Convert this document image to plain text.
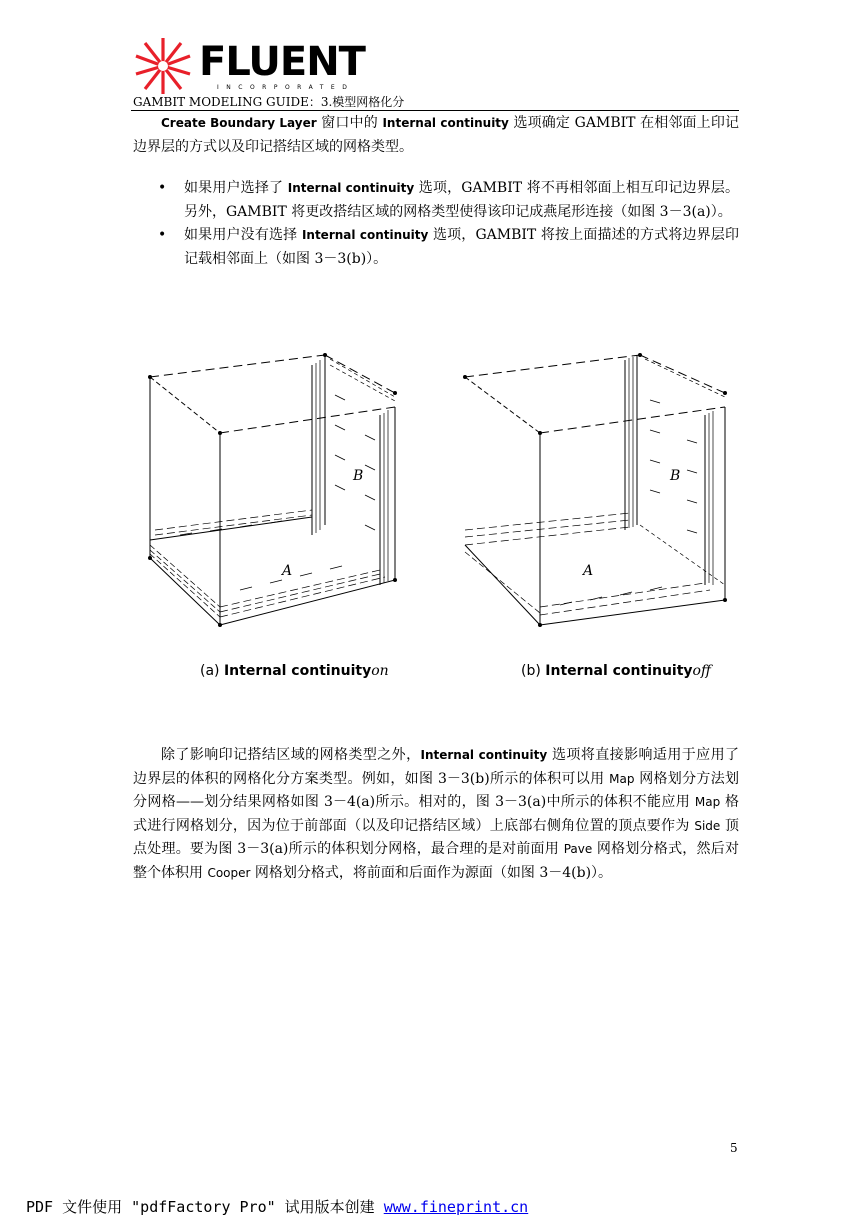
FLUENT
INCORPORATED
GAMBIT MODELING GUIDE：3.模型网格化分
Create Boundary Layer 窗口中的 Internal continuity 选项确定 GAMBIT 在相邻面上印记边界层的方式以及印记搭结区域的网格类型。
• 如果用户选择了 Internal continuity 选项，GAMBIT 将不再相邻面上相互印记边界层。另外，GAMBIT 将更改搭结区域的网格类型使得该印记成燕尾形连接（如图 3－3(a)）。
• 如果用户没有选择 Internal continuity 选项，GAMBIT 将按上面描述的方式将边界层印记载相邻面上（如图 3－3(b)）。
B
A
B
A
(a) Internal continuityon	(b) Internal continuityoff
除了影响印记搭结区域的网格类型之外，Internal continuity 选项将直接影响适用于应用了边界层的体积的网格化分方案类型。例如，如图 3－3(b)所示的体积可以用 Map 网格划分方法划分网格——划分结果网格如图 3－4(a)所示。相对的，图 3－3(a)中所示的体积不能应用 Map 格式进行网格划分，因为位于前部面（以及印记搭结区域）上底部右侧角位置的顶点要作为 Side 顶点处理。要为图 3－3(a)所示的体积划分网格，最合理的是对前面用 Pave 网格划分格式，然后对整个体积用 Cooper 网格划分格式，将前面和后面作为源面（如图 3－4(b)）。
5
PDF 文件使用 "pdfFactory Pro" 试用版本创建 www.fineprint.cn
